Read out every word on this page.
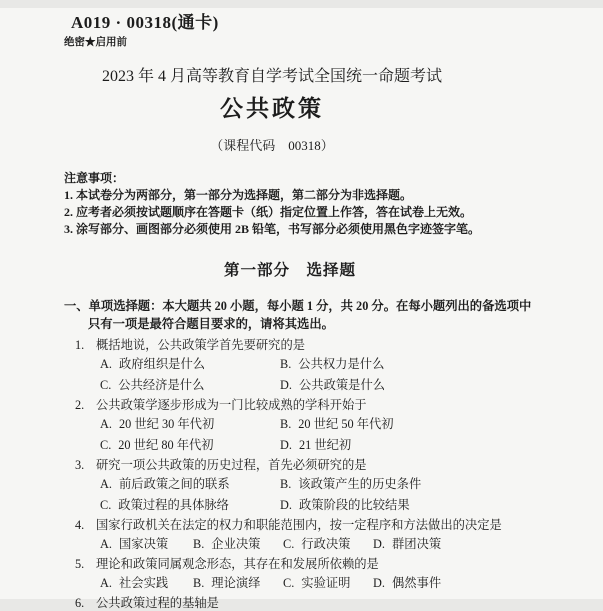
A019 · 00318(通卡)
绝密★启用前
2023 年 4 月高等教育自学考试全国统一命题考试
公共政策
（课程代码　00318）
注意事项：
1. 本试卷分为两部分，第一部分为选择题，第二部分为非选择题。
2. 应考者必须按试题顺序在答题卡（纸）指定位置上作答，答在试卷上无效。
3. 涂写部分、画图部分必须使用 2B 铅笔，书写部分必须使用黑色字迹签字笔。
第一部分　选择题
一、单项选择题：本大题共 20 小题，每小题 1 分，共 20 分。在每小题列出的备选项中
只有一项是最符合题目要求的，请将其选出。
1. 概括地说，公共政策学首先要研究的是
A. 政府组织是什么	B. 公共权力是什么
C. 公共经济是什么	D. 公共政策是什么
2. 公共政策学逐步形成为一门比较成熟的学科开始于
A. 20 世纪 30 年代初	B. 20 世纪 50 年代初
C. 20 世纪 80 年代初	D. 21 世纪初
3. 研究一项公共政策的历史过程，首先必须研究的是
A. 前后政策之间的联系	B. 该政策产生的历史条件
C. 政策过程的具体脉络	D. 政策阶段的比较结果
4. 国家行政机关在法定的权力和职能范围内，按一定程序和方法做出的决定是
A. 国家决策	B. 企业决策	C. 行政决策	D. 群团决策
5. 理论和政策同属观念形态，其存在和发展所依赖的是
A. 社会实践	B. 理论演绎	C. 实验证明	D. 偶然事件
6. 公共政策过程的基轴是
